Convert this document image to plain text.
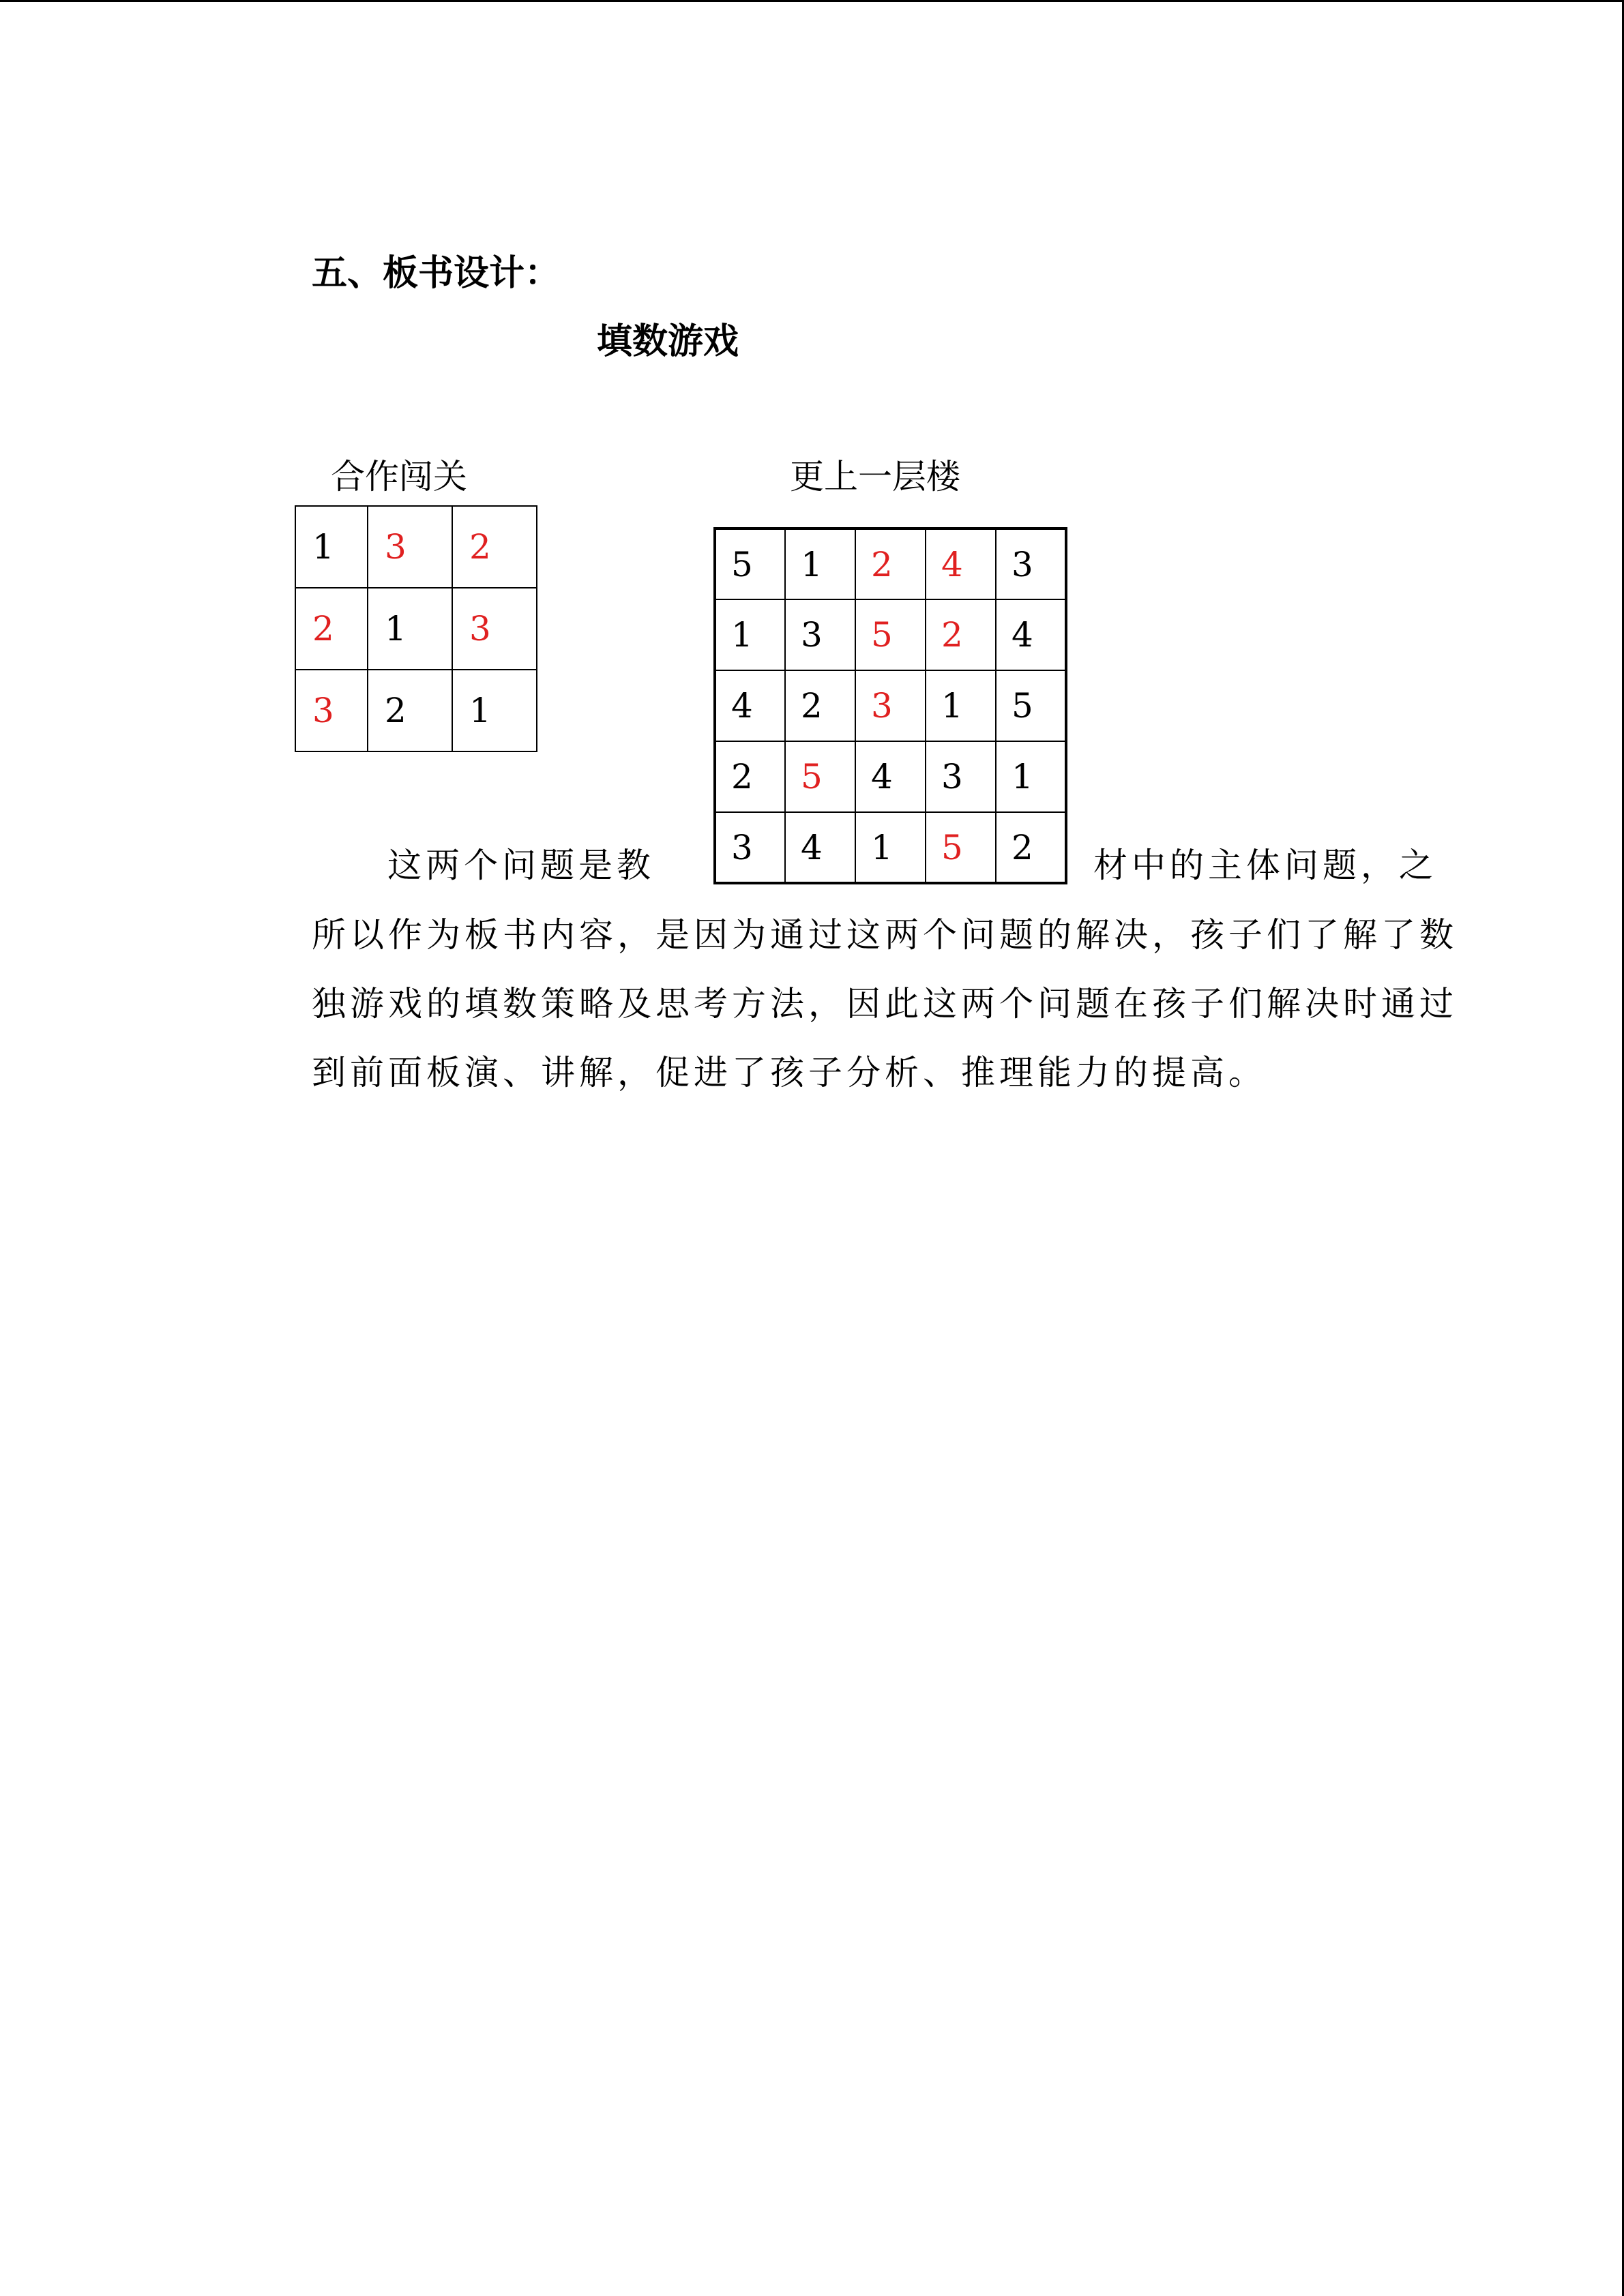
五、板书设计：
填数游戏
合作闯关	更上一层楼
1	3	2

2	1	3

3	2	1
5	1	2	4	3

1	3	5	2	4

4	2	3	1	5

2	5	4	3	1

3	4	1	5	2
这两个问题是教	材中的主体问题，之
所以作为板书内容，是因为通过这两个问题的解决，孩子们了解了数
独游戏的填数策略及思考方法，因此这两个问题在孩子们解决时通过
到前面板演、讲解，促进了孩子分析、推理能力的提高。
